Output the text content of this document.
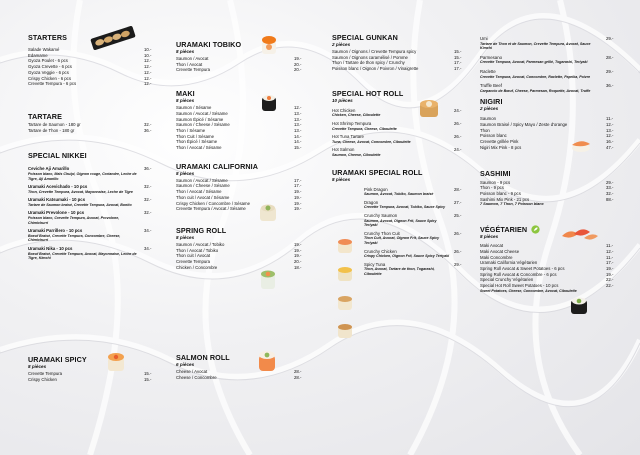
STARTERS
Salade Wakamé	10.-
Edamame	10.-
Gyoza Poulet - 6 pcs	12.-
Gyoza Crevette - 6 pcs	12.-
Gyoza Veggie - 6 pcs	12.-
Crispy Chicken - 6 pcs	12.-
Crevette Tempura - 6 pcs	12.-
TARTARE
Tartare de Saumon - 180 gr	32.-
Tartare de Thon - 180 gr	36.-
SPECIAL NIKKEI
Ceviche Aji Amarillo	36.-
Poisson blanc, Maïs Chulpi, Oignon rouge, Coriandre, Leche de Tigre, Aji Amarillo
Uramaki Acevichado - 10 pcs	32.-
Thon, Crevette Tempura, Avocat, Mayonnaise, Leche de Tigre
Uramaki Katsumaki - 10 pcs	32.-
Tartare de Saumon braisé, Crevette Tempura, Avocat, Bonito
Uramaki Prevolone - 10 pcs	32.-
Poisson blanc, Crevette Tempura, Avocat, Provolone, Chimichurri
Uramaki Parrillero - 10 pcs	34.-
Boeuf Braisé, Crevette Tempura, Concombre, Cheese, Chimichurri
Uramaki Nika - 10 pcs	34.-
Boeuf Braisé, Crevette Tempura, Avocat, Mayonnaise, Leche de Tigre, Kimchi
URAMAKI SPICY
8 pièces
Crevette Tempura	15.-
Crispy Chicken	15.-
URAMAKI TOBIKO
8 pièces
Saumon / Avocat	19.-
Thon / Avocat	20.-
Crevette Tempura	20.-
MAKI
8 pièces
Saumon / Sésame	12.-
Saumon / Avocat / Sésame	13.-
Saumon Épicé / Sésame	13.-
Saumon / Cheese / Sésame	13.-
Thon / Sésame	13.-
Thon Cuit / Sésame	14.-
Thon Épicé / Sésame	14.-
Thon / Avocat / Sésame	15.-
URAMAKI CALIFORNIA
8 pièces
Saumon / Avocat / Sésame	17.-
Saumon / Cheese / Sésame	17.-
Thon / Avocat / Sésame	19.-
Thon cuit / Avocat / Sésame	19.-
Crispy Chicken / Concombre / Sésame	19.-
Crevette Tempura / Avocat / Sésame	19.-
SPRING ROLL
8 pièces
Saumon / Avocat / Tobiko	19.-
Thon / Avocat / Tobiko	19.-
Thon cuit / Avocat	19.-
Crevette Tempura	20.-
Chicken / Concombre	18.-
SALMON ROLL
6 pièces
Cheese / Avocat	28.-
Cheese / Concombre	28.-
SPECIAL GUNKAN
2 pièces
Saumon / Oignons / Crevette Tempura spicy	15.-
Saumon / Oignons caramélisé / Pomme	15.-
Thon / Tartare de thon spicy / Crunchy	17.-
Poisson blanc / Oignon / Poivron / Vinaigrette	17.-
SPECIAL HOT ROLL
10 pièces
Hot Chicken	24.-
Chicken, Cheese, Ciboulette
Hot Shrimp Tempura	26.-
Crevette Tempura, Cheese, Ciboulette
Hot Tuna Tartare	26.-
Tuna, Cheese, Avocat, Concombre, Ciboulette
Hot Salmon	24.-
Saumon, Cheese, Ciboulette
URAMAKI SPECIAL ROLL
8 pièces
Pink Dragon	28.-
Saumon, Avocat, Tobiko, Saumon braisé
Dragon	27.-
Crevette Tempura, Avocat, Tobiko, Sauce Spicy
Crunchy Saumon	25.-
Saumon, Avocat, Oignon Frit, Sauce Spicy Teriyaki
Crunchy Thon Cuit	26.-
Thon Cuit, Avocat, Oignon Frit, Sauce Spicy Teriyaki
Crunchy Chicken	26.-
Crispy Chicken, Oignon Frit, Sauce Spicy Teriyaki
Spicy Tuna	29.-
Thon, Avocat, Tartare de thon, Togarashi, Ciboulette
Umi	29.-
Tartare de Thon et de Saumon, Crevette Tempura, Avocat, Sauce Kimchi
Parmesano	28.-
Crevette Tempura, Avocat, Parmesan grillé, Togarashi, Teriyaki
Raclette	29.-
Crevette Tempura, Avocat, Concombre, Raclette, Paprika, Poivre
Truffle Beef	36.-
Carpaccio de Bœuf, Cheese, Parmesan, Roquette, Avocat, Truffe
NIGIRI
2 pièces
Saumon	11.-
Saumon Braisé / Spicy Mayo / Zeste d'orange	12.-
Thon	13.-
Poisson blanc	12.-
Crevette grillée Pink	16.-
Nigiri Mix Pink - 8 pcs	47.-
SASHIMI
Saumon - 9 pcs	29.-
Thon - 9 pcs	33.-
Poisson blanc - 9 pcs	32.-
Sashimi Mix Pink - 21 pcs	88.-
7 Saumon, 7 Thon, 7 Poisson blanc
VÉGÉTARIEN
8 pièces
Maki Avocat	11.-
Maki Avocat Cheese	12.-
Maki Concombre	11.-
Uramaki California Végétarien	17.-
Spring Roll Avocat & Sweet Potatoes - 6 pcs	19.-
Spring Roll Avocat & Concombre - 6 pcs	19.-
Special Crunchy Végétarien	22.-
Special Hot Roll Sweet Potatoes - 10 pcs	22.-
Sweet Potatoes, Cheese, Concombre, Avocat, Ciboulette
